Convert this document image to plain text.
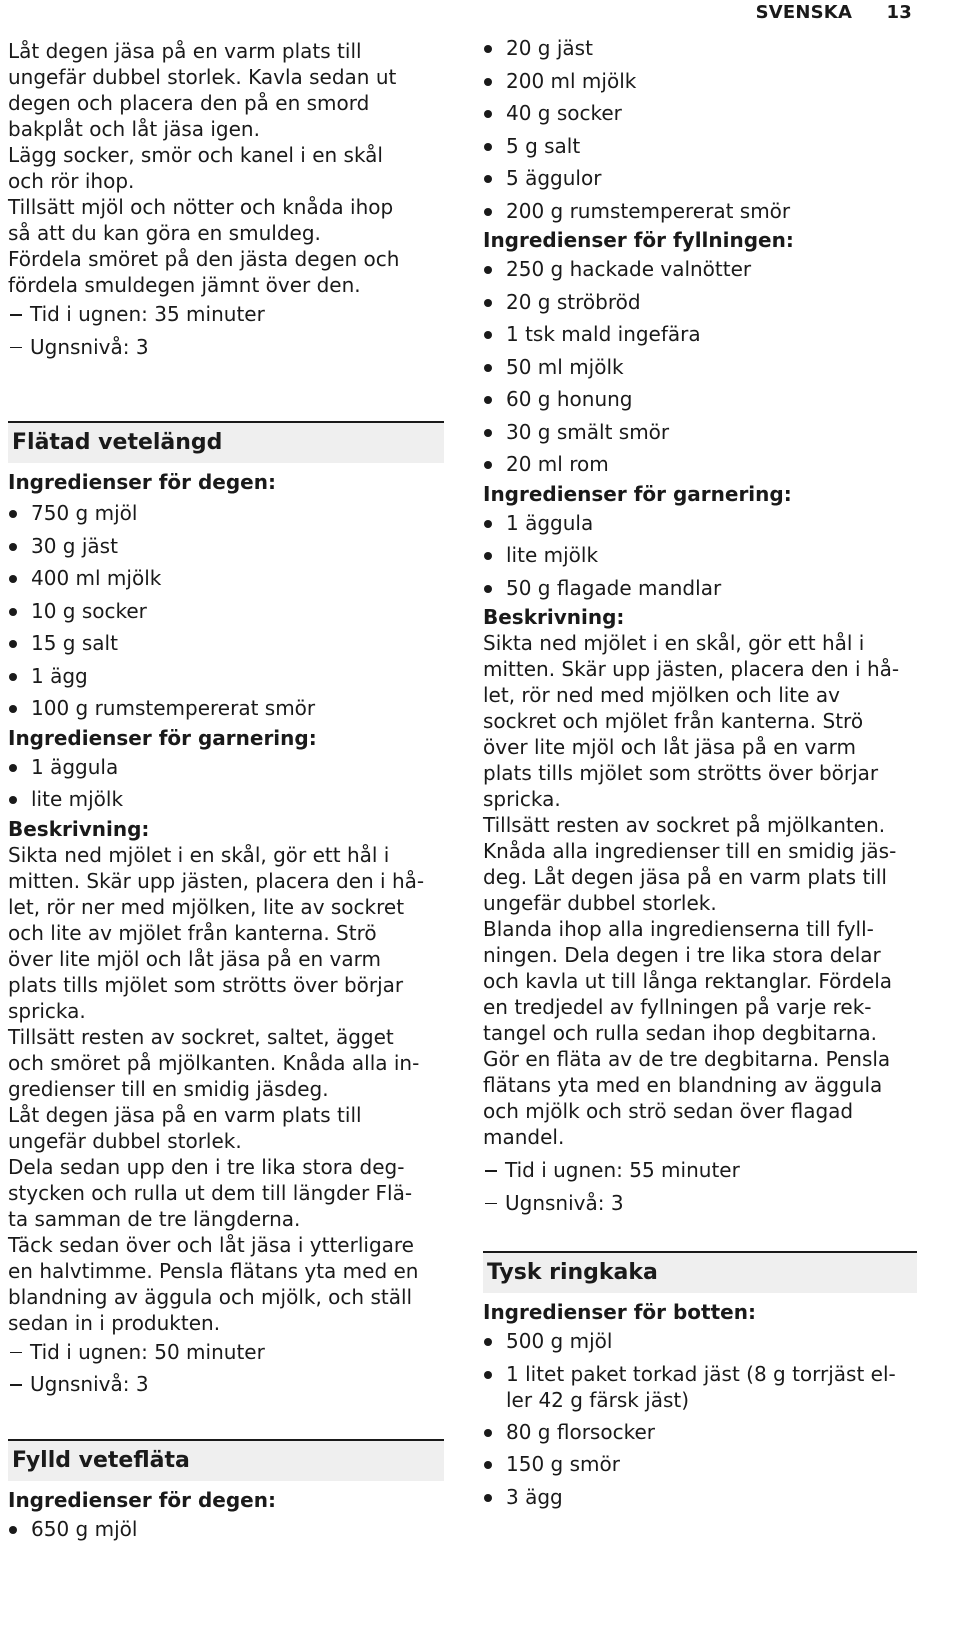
SVENSKA 13

Låt degen jäsa på en varm plats till

ungefär dubbel storlek. Kavla sedan ut

degen och placera den på en smord

bakplåt och låt jäsa igen.

Lägg socker, smör och kanel i en skål

och rör ihop.

Tillsätt mjöl och nötter och knåda ihop

så att du kan göra en smuldeg.

Fördela smöret på den jästa degen och

fördela smuldegen jämnt över den.

Tid i ugnen: 35 minuter
Ugnsnivå: 3
Flätad vetelängd

Ingredienser för degen:

750 g mjöl
30 g jäst
400 ml mjölk
10 g socker
15 g salt
1 ägg
100 g rumstempererat smör

Ingredienser för garnering:

1 äggula
lite mjölk

Beskrivning:

Sikta ned mjölet i en skål, gör ett hål i

mitten. Skär upp jästen, placera den i hå-

let, rör ner med mjölken, lite av sockret

och lite av mjölet från kanterna. Strö

över lite mjöl och låt jäsa på en varm

plats tills mjölet som strötts över börjar

spricka.

Tillsätt resten av sockret, saltet, ägget

och smöret på mjölkanten. Knåda alla in-

gredienser till en smidig jäsdeg.

Låt degen jäsa på en varm plats till

ungefär dubbel storlek.

Dela sedan upp den i tre lika stora deg-

stycken och rulla ut dem till längder Flä-

ta samman de tre längderna.

Täck sedan över och låt jäsa i ytterligare

en halvtimme. Pensla flätans yta med en

blandning av äggula och mjölk, och ställ

sedan in i produkten.

Tid i ugnen: 50 minuter
Ugnsnivå: 3
Fylld vetefläta

Ingredienser för degen:

650 g mjöl
20 g jäst
200 ml mjölk
40 g socker
5 g salt
5 äggulor
200 g rumstempererat smör

Ingredienser för fyllningen:

250 g hackade valnötter
20 g ströbröd
1 tsk mald ingefära
50 ml mjölk
60 g honung
30 g smält smör
20 ml rom

Ingredienser för garnering:

1 äggula
lite mjölk
50 g flagade mandlar

Beskrivning:

Sikta ned mjölet i en skål, gör ett hål i

mitten. Skär upp jästen, placera den i hå-

let, rör ned med mjölken och lite av

sockret och mjölet från kanterna. Strö

över lite mjöl och låt jäsa på en varm

plats tills mjölet som strötts över börjar

spricka.

Tillsätt resten av sockret på mjölkanten.

Knåda alla ingredienser till en smidig jäs-

deg. Låt degen jäsa på en varm plats till

ungefär dubbel storlek.

Blanda ihop alla ingredienserna till fyll-

ningen. Dela degen i tre lika stora delar

och kavla ut till långa rektanglar. Fördela

en tredjedel av fyllningen på varje rek-

tangel och rulla sedan ihop degbitarna.

Gör en fläta av de tre degbitarna. Pensla

flätans yta med en blandning av äggula

och mjölk och strö sedan över flagad

mandel.

Tid i ugnen: 55 minuter
Ugnsnivå: 3
Tysk ringkaka

Ingredienser för botten:

500 g mjöl
1 litet paket torkad jäst (8 g torrjäst el-
ler 42 g färsk jäst)
80 g florsocker
150 g smör
3 ägg
